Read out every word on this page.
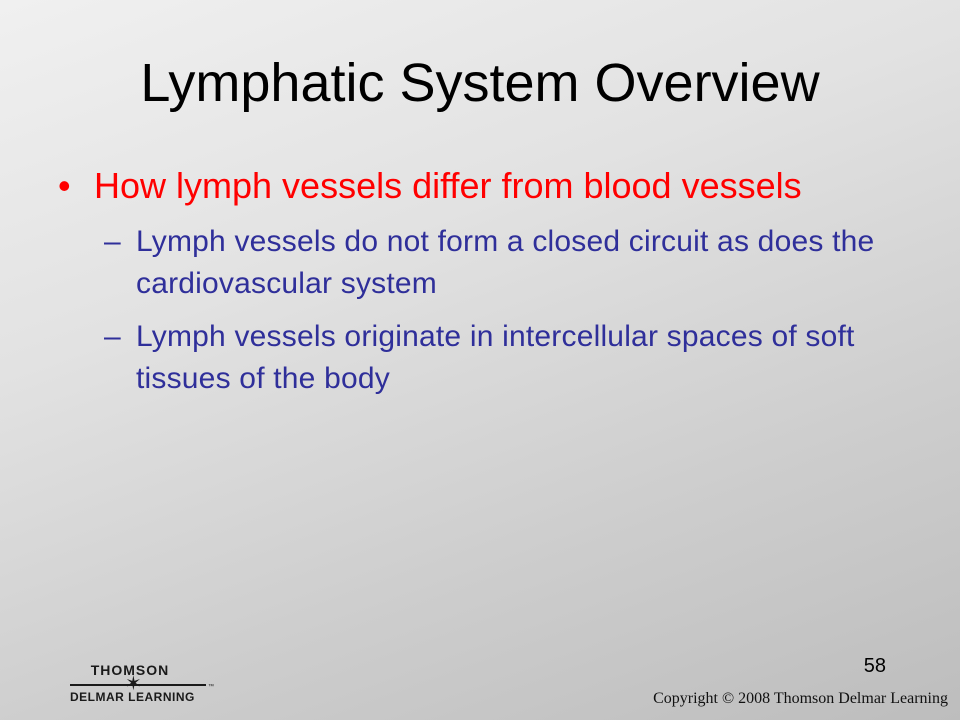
Lymphatic System Overview
• How lymph vessels differ from blood vessels
– Lymph vessels do not form a closed circuit as does the cardiovascular system
– Lymph vessels originate in intercellular spaces of soft tissues of the body
58
THOMSON
✶
DELMAR LEARNING
™
Copyright © 2008 Thomson Delmar Learning
